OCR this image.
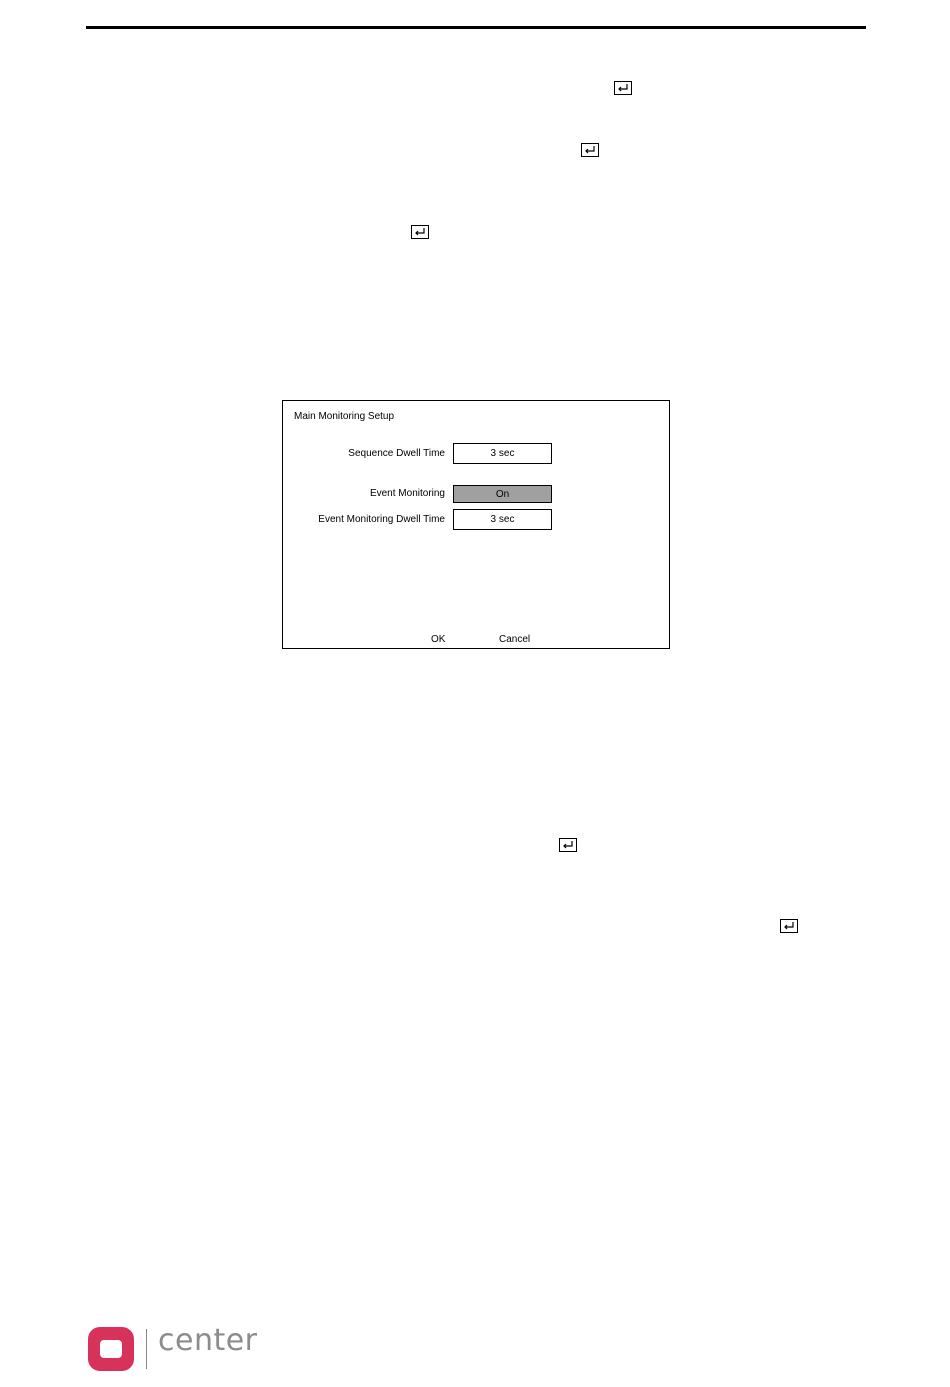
Main Monitoring Setup
Sequence Dwell Time	3 sec
Event Monitoring	On
Event Monitoring Dwell Time	3 sec
OK	Cancel
center
